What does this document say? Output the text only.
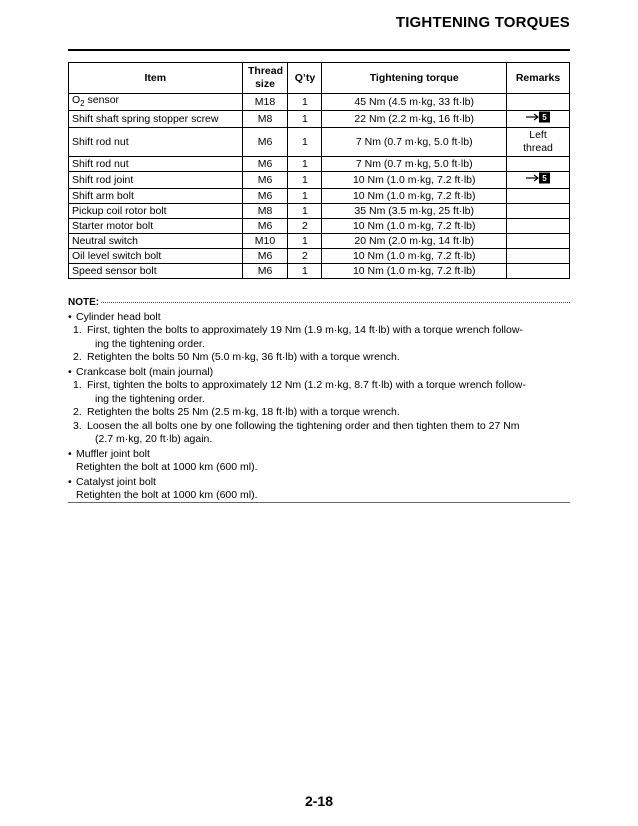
TIGHTENING TORQUES
Item	Thread size	Q’ty	Tightening torque	Remarks
$O_2$ sensor	M18	1	45 Nm (4.5 m·kg, 33 ft·lb)	
Shift shaft spring stopper screw	M8	1	22 Nm (2.2 m·kg, 16 ft·lb)	5

Shift rod nut	M6	1	7 Nm (0.7 m·kg, 5.0 ft·lb)	Left
thread

Shift rod nut	M6	1	7 Nm (0.7 m·kg, 5.0 ft·lb)	
Shift rod joint	M6	1	10 Nm (1.0 m·kg, 7.2 ft·lb)	5

Shift arm bolt	M6	1	10 Nm (1.0 m·kg, 7.2 ft·lb)	
Pickup coil rotor bolt	M8	1	35 Nm (3.5 m·kg, 25 ft·lb)	
Starter motor bolt	M6	2	10 Nm (1.0 m·kg, 7.2 ft·lb)	
Neutral switch	M10	1	20 Nm (2.0 m·kg, 14 ft·lb)	
Oil level switch bolt	M6	2	10 Nm (1.0 m·kg, 7.2 ft·lb)	
Speed sensor bolt	M6	1	10 Nm (1.0 m·kg, 7.2 ft·lb)	
NOTE:
• Cylinder head bolt
1. First, tighten the bolts to approximately 19 Nm (1.9 m·kg, 14 ft·lb) with a torque wrench follow-
ing the tightening order.
2. Retighten the bolts 50 Nm (5.0 m·kg, 36 ft·lb) with a torque wrench.
• Crankcase bolt (main journal)
1. First, tighten the bolts to approximately 12 Nm (1.2 m·kg, 8.7 ft·lb) with a torque wrench follow-
ing the tightening order.
2. Retighten the bolts 25 Nm (2.5 m·kg, 18 ft·lb) with a torque wrench.
3. Loosen the all bolts one by one following the tightening order and then tighten them to 27 Nm
(2.7 m·kg, 20 ft·lb) again.
• Muffler joint bolt
Retighten the bolt at 1000 km (600 ml).
• Catalyst joint bolt
Retighten the bolt at 1000 km (600 ml).
2-18
